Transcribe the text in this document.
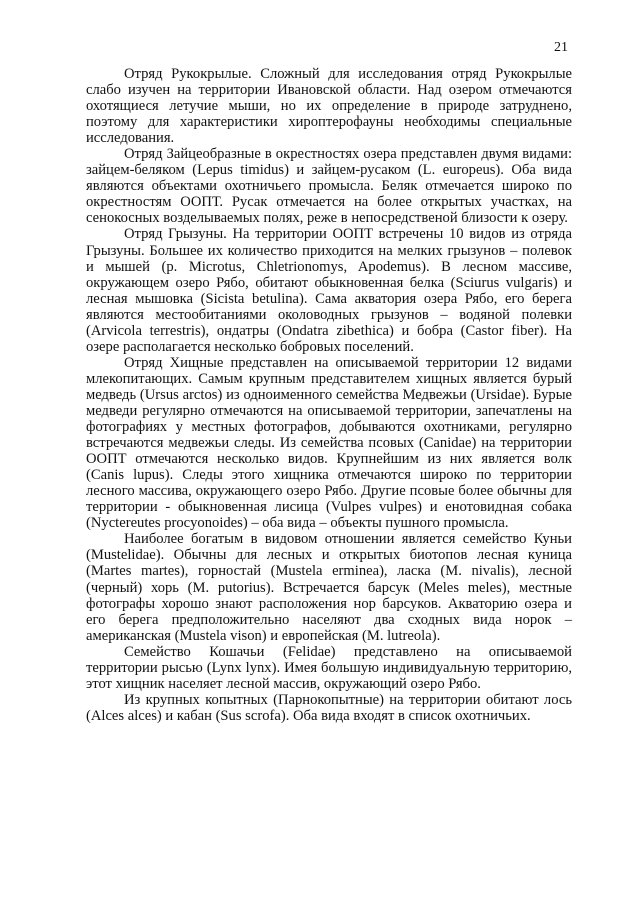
21

Отряд Рукокрылые. Сложный для исследования отряд Рукокрылые слабо изучен на территории Ивановской области. Над озером отмечаются охотящиеся летучие мыши, но их определение в природе затруднено, поэтому для характеристики хироптерофауны необходимы специальные исследования.

Отряд Зайцеобразные в окрестностях озера представлен двумя видами: зайцем-беляком (Lepus timidus) и зайцем-русаком (L. europeus). Оба вида являются объектами охотничьего промысла. Беляк отмечается широко по окрестностям ООПТ. Русак отмечается на более открытых участках, на сенокосных возделываемых полях, реже в непосредственой близости к озеру.

Отряд Грызуны. На территории ООПТ встречены 10 видов из отряда Грызуны. Большее их количество приходится на мелких грызунов – полевок и мышей (р. Microtus, Chletrionomys, Apodemus). В лесном массиве, окружающем озеро Рябо, обитают обыкновенная белка (Sciurus vulgaris) и лесная мышовка (Sicista betulina). Сама акватория озера Рябо, его берега являются местообитаниями околоводных грызунов – водяной полевки (Arvicola terrestris), ондатры (Ondatra zibethica) и бобра (Castor fiber). На озере располагается несколько бобровых поселений.

Отряд Хищные представлен на описываемой территории 12 видами млекопитающих. Самым крупным представителем хищных является бурый медведь (Ursus arctos) из одноименного семейства Медвежьи (Ursidae). Бурые медведи регулярно отмечаются на описываемой территории, запечатлены на фотографиях у местных фотографов, добываются охотниками, регулярно встречаются медвежьи следы. Из семейства псовых (Canidae) на территории ООПТ отмечаются несколько видов. Крупнейшим из них является волк (Canis lupus). Следы этого хищника отмечаются широко по территории лесного массива, окружающего озеро Рябо. Другие псовые более обычны для территории - обыкновенная лисица (Vulpes vulpes) и енотовидная собака (Nyctereutes procyonoides) – оба вида – объекты пушного промысла.

Наиболее богатым в видовом отношении является семейство Куньи (Mustelidae). Обычны для лесных и открытых биотопов лесная куница (Martes martes), горностай (Mustela erminea), ласка (M. nivalis), лесной (черный) хорь (M. putorius). Встречается барсук (Meles meles), местные фотографы хорошо знают расположения нор барсуков. Акваторию озера и его берега предположительно населяют два сходных вида норок – американская (Mustela vison) и европейская (M. lutreola).

Семейство Кошачьи (Felidae) представлено на описываемой территории рысью (Lynx lynx). Имея большую индивидуальную территорию, этот хищник населяет лесной массив, окружающий озеро Рябо.

Из крупных копытных (Парнокопытные) на территории обитают лось (Alces alces) и кабан (Sus scrofa). Оба вида входят в список охотничьих.
